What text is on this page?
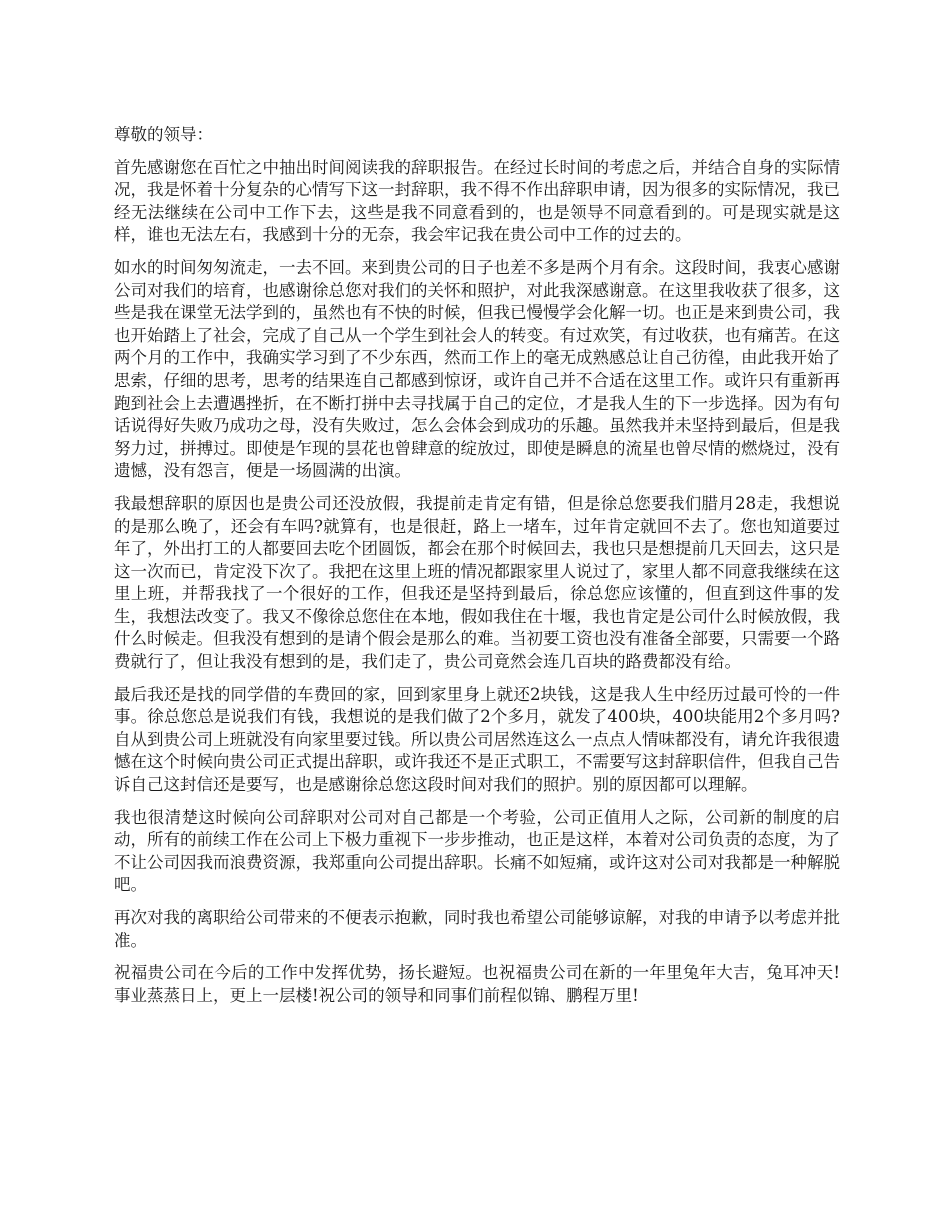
尊敬的领导：

首先感谢您在百忙之中抽出时间阅读我的辞职报告。在经过长时间的考虑之后，并结合自身的实际情况，我是怀着十分复杂的心情写下这一封辞职，我不得不作出辞职申请，因为很多的实际情况，我已经无法继续在公司中工作下去，这些是我不同意看到的，也是领导不同意看到的。可是现实就是这样，谁也无法左右，我感到十分的无奈，我会牢记我在贵公司中工作的过去的。

如水的时间匆匆流走，一去不回。来到贵公司的日子也差不多是两个月有余。这段时间，我衷心感谢公司对我们的培育，也感谢徐总您对我们的关怀和照护，对此我深感谢意。在这里我收获了很多，这些是我在课堂无法学到的，虽然也有不快的时候，但我已慢慢学会化解一切。也正是来到贵公司，我也开始踏上了社会，完成了自己从一个学生到社会人的转变。有过欢笑，有过收获，也有痛苦。在这两个月的工作中，我确实学习到了不少东西，然而工作上的毫无成熟感总让自己彷徨，由此我开始了思索，仔细的思考，思考的结果连自己都感到惊讶，或许自己并不合适在这里工作。或许只有重新再跑到社会上去遭遇挫折，在不断打拼中去寻找属于自己的定位，才是我人生的下一步选择。因为有句话说得好失败乃成功之母，没有失败过，怎么会体会到成功的乐趣。虽然我并未坚持到最后，但是我努力过，拼搏过。即使是乍现的昙花也曾肆意的绽放过，即使是瞬息的流星也曾尽情的燃烧过，没有遗憾，没有怨言，便是一场圆满的出演。

我最想辞职的原因也是贵公司还没放假，我提前走肯定有错，但是徐总您要我们腊月28走，我想说的是那么晚了，还会有车吗?就算有，也是很赶，路上一堵车，过年肯定就回不去了。您也知道要过年了，外出打工的人都要回去吃个团圆饭，都会在那个时候回去，我也只是想提前几天回去，这只是这一次而已，肯定没下次了。我把在这里上班的情况都跟家里人说过了，家里人都不同意我继续在这里上班，并帮我找了一个很好的工作，但我还是坚持到最后，徐总您应该懂的，但直到这件事的发生，我想法改变了。我又不像徐总您住在本地，假如我住在十堰，我也肯定是公司什么时候放假，我什么时候走。但我没有想到的是请个假会是那么的难。当初要工资也没有准备全部要，只需要一个路费就行了，但让我没有想到的是，我们走了，贵公司竟然会连几百块的路费都没有给。

最后我还是找的同学借的车费回的家，回到家里身上就还2块钱，这是我人生中经历过最可怜的一件事。徐总您总是说我们有钱，我想说的是我们做了2个多月，就发了400块，400块能用2个多月吗?自从到贵公司上班就没有向家里要过钱。所以贵公司居然连这么一点点人情味都没有，请允许我很遗憾在这个时候向贵公司正式提出辞职，或许我还不是正式职工，不需要写这封辞职信件，但我自己告诉自己这封信还是要写，也是感谢徐总您这段时间对我们的照护。别的原因都可以理解。

我也很清楚这时候向公司辞职对公司对自己都是一个考验，公司正值用人之际，公司新的制度的启动，所有的前续工作在公司上下极力重视下一步步推动，也正是这样，本着对公司负责的态度，为了不让公司因我而浪费资源，我郑重向公司提出辞职。长痛不如短痛，或许这对公司对我都是一种解脱吧。

再次对我的离职给公司带来的不便表示抱歉，同时我也希望公司能够谅解，对我的申请予以考虑并批准。

祝福贵公司在今后的工作中发挥优势，扬长避短。也祝福贵公司在新的一年里兔年大吉，兔耳冲天!事业蒸蒸日上，更上一层楼!祝公司的领导和同事们前程似锦、鹏程万里!
